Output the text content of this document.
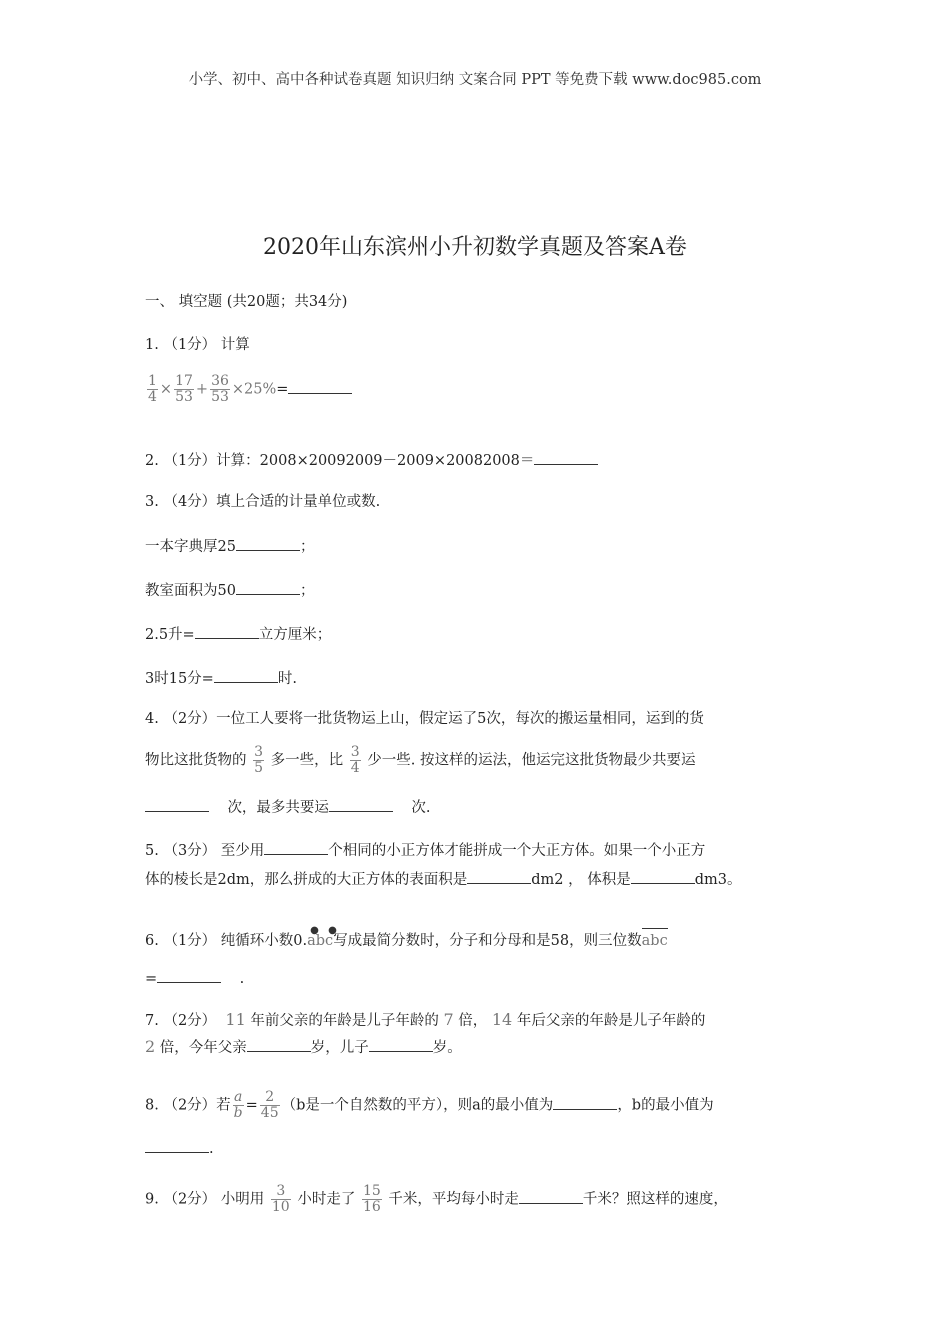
小学、初中、高中各种试卷真题 知识归纳 文案合同 PPT 等免费下载 www.doc985.com
2020年山东滨州小升初数学真题及答案A卷
一、 填空题 (共20题；共34分)
1. （1分） 计算
$\frac{1}{4} \times \frac{17}{53} + \frac{36}{53} \times 25\%=$
2. （1分）计算：2008×20092009－2009×20082008＝
3. （4分）填上合适的计量单位或数.
一本字典厚25	；
教室面积为50	；
2.5升=	立方厘米；
3时15分=	时.
4. （2分）一位工人要将一批货物运上山，假定运了5次，每次的搬运量相同，运到的货
物比这批货物的 $\frac{3}{5}$ 多一些，比 $\frac{3}{4}$ 少一些. 按这样的运法，他运完这批货物最少共要运
次，最多共要运	次.
5. （3分） 至少用	个相同的小正方体才能拼成一个大正方体。如果一个小正方
体的棱长是2dm，那么拼成的大正方体的表面积是	dm2 ， 体积是	dm3。
6. （1分） 纯循环小数0.
● ●
abc写成最简分数时，分子和分母和是58，则三位数abc
=	.
7. （2分） 11 年前父亲的年龄是儿子年龄的 7 倍， 14 年后父亲的年龄是儿子年龄的
2 倍，今年父亲	岁，儿子	岁。
8. （2分）若 $\frac{a}{b} = \frac{2}{45} (b$是一个自然数的平方），则a的最小值为	，b的最小值为
.
9. （2分） 小明用 $\frac{3}{10}$ 小时走了 $\frac{15}{16}$ 千米，平均每小时走	千米？照这样的速度，
